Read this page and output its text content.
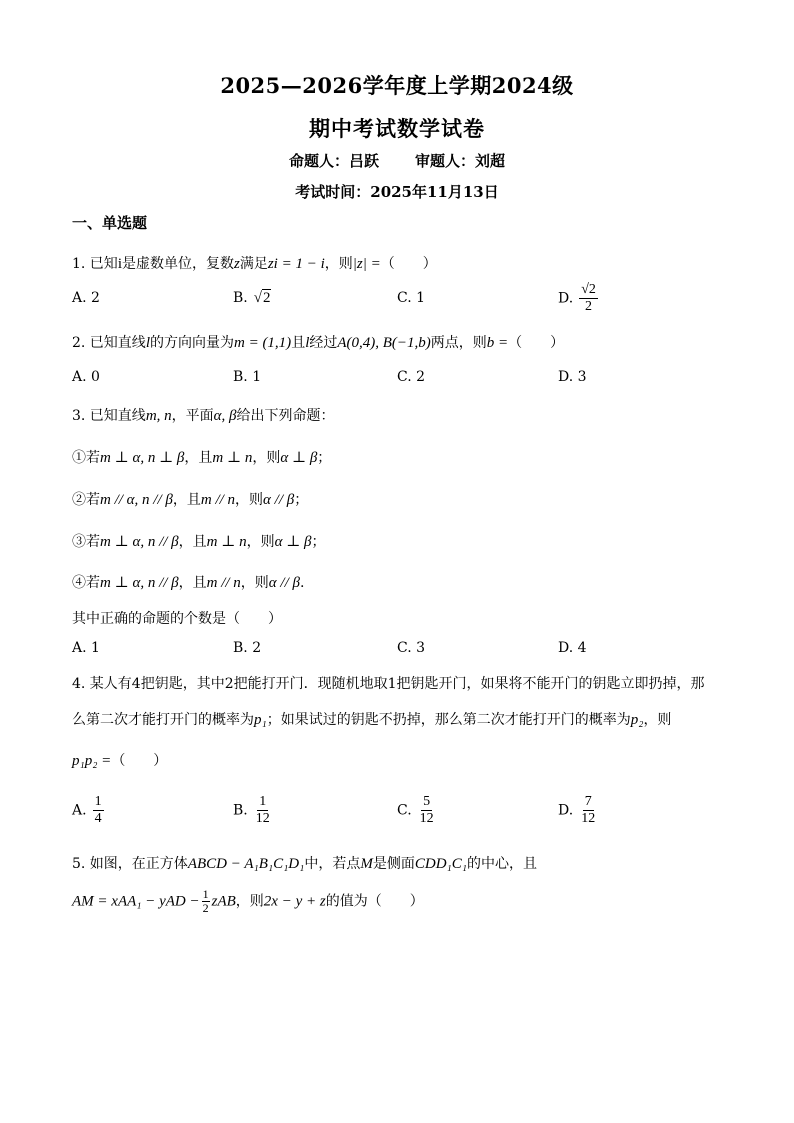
2025—2026学年度上学期2024级
期中考试数学试卷
命题人：吕跃 审题人：刘超
考试时间：2025年11月13日
一、单选题
1. 已知i是虚数单位，复数z满足zi = 1 − i，则|z| =（　　）
A. 2	B. √2	C. 1	D. $\frac{√2}{2}$
2. 已知直线l的方向向量为m = (1,1)且l经过A(0,4), B(−1,b)两点，则b =（　　）
A. 0	B. 1	C. 2	D. 3
3. 已知直线m, n，平面α, β给出下列命题：
①若m ⊥ α, n ⊥ β，且m ⊥ n，则α ⊥ β；
②若m // α, n // β，且m // n，则α // β；
③若m ⊥ α, n // β，且m ⊥ n，则α ⊥ β；
④若m ⊥ α, n // β，且m // n，则α // β.
其中正确的命题的个数是（　　）
A. 1	B. 2	C. 3	D. 4
4. 某人有4把钥匙，其中2把能打开门．现随机地取1把钥匙开门，如果将不能开门的钥匙立即扔掉，那
么第二次才能打开门的概率为p₁；如果试过的钥匙不扔掉，那么第二次才能打开门的概率为p₂，则
p₁p₂ =（　　）
A. $\frac{1}{4}$	B. $\frac{1}{12}$	C. $\frac{5}{12}$	D. $\frac{7}{12}$
5. 如图，在正方体ABCD − A₁B₁C₁D₁中，若点M是侧面CDD₁C₁的中心，且
AM = xAA₁ − yAD − $\frac{1}{2}$ zAB，则2x − y + z的值为（　　）
